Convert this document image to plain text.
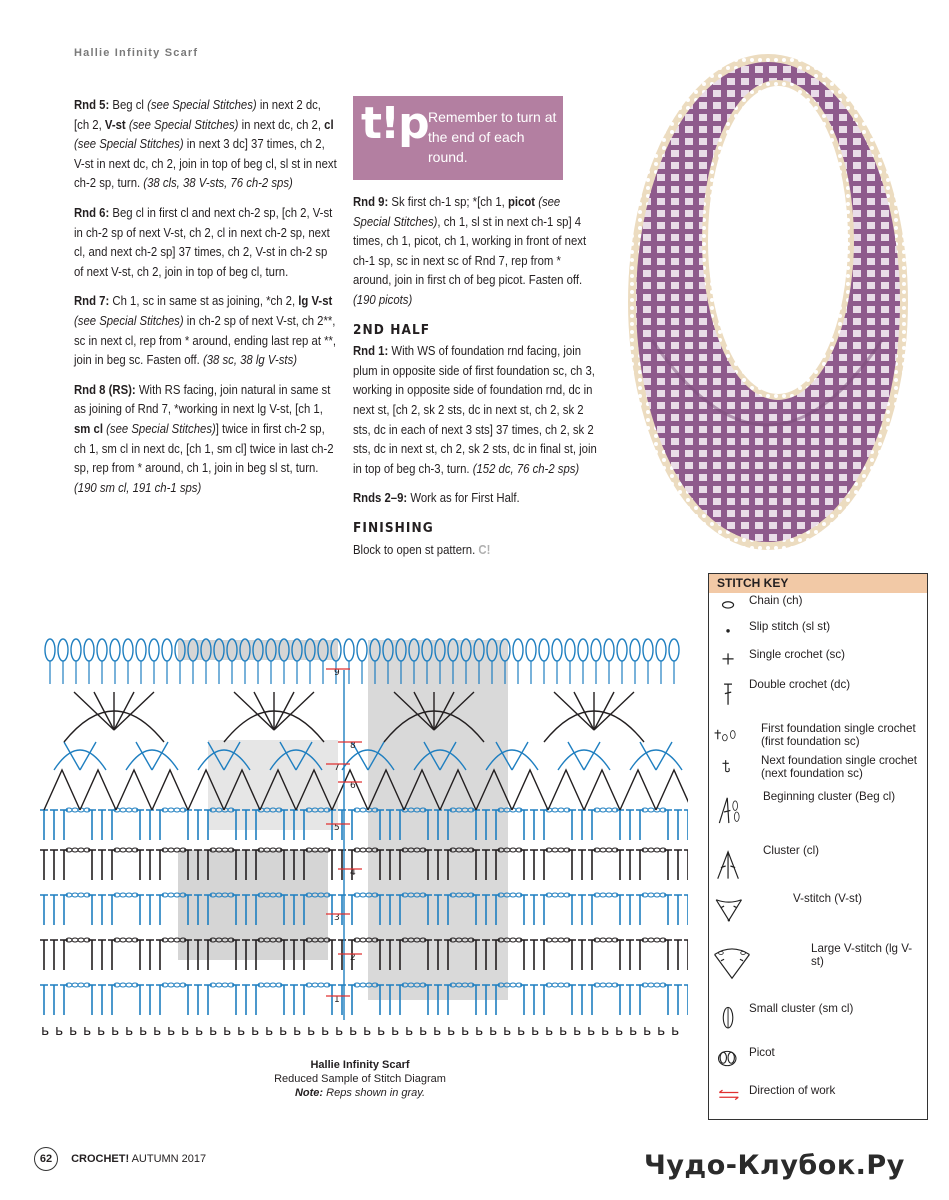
Hallie Infinity Scarf

Rnd 5: Beg cl (see Special Stitches) in next 2 dc, [ch 2, V-st (see Special Stitches) in next dc, ch 2, cl (see Special Stitches) in next 3 dc] 37 times, ch 2, V-st in next dc, ch 2, join in top of beg cl, sl st in next ch-2 sp, turn. (38 cls, 38 V-sts, 76 ch-2 sps)

Rnd 6: Beg cl in first cl and next ch-2 sp, [ch 2, V-st in ch-2 sp of next V-st, ch 2, cl in next ch-2 sp, next cl, and next ch-2 sp] 37 times, ch 2, V-st in ch-2 sp of next V-st, ch 2, join in top of beg cl, turn.

Rnd 7: Ch 1, sc in same st as joining, *ch 2, lg V-st (see Special Stitches) in ch-2 sp of next V-st, ch 2**, sc in next cl, rep from * around, ending last rep at **, join in beg sc. Fasten off. (38 sc, 38 lg V-sts)

Rnd 8 (RS): With RS facing, join natural in same st as joining of Rnd 7, *working in next lg V-st, [ch 1, sm cl (see Special Stitches)] twice in first ch-2 sp, ch 1, sm cl in next dc, [ch 1, sm cl] twice in last ch-2 sp, rep from * around, ch 1, join in beg sl st, turn. (190 sm cl, 191 ch-1 sps)

t!p Remember to turn at the end of each round.

Rnd 9: Sk first ch-1 sp; *[ch 1, picot (see Special Stitches), ch 1, sl st in next ch-1 sp] 4 times, ch 1, picot, ch 1, working in front of next ch-1 sp, sc in next sc of Rnd 7, rep from * around, join in first ch of beg picot. Fasten off. (190 picots)

2ND HALF

Rnd 1: With WS of foundation rnd facing, join plum in opposite side of first foundation sc, ch 3, working in opposite side of foundation rnd, dc in next st, [ch 2, sk 2 sts, dc in next st, ch 2, sk 2 sts, dc in each of next 3 sts] 37 times, ch 2, sk 2 sts, dc in next st, ch 2, sk 2 sts, dc in final st, join in top of beg ch-3, turn. (152 dc, 76 ch-2 sps)

Rnds 2–9: Work as for First Half.

FINISHING

Block to open st pattern. C!

ь ь ь ь ь ь ь ь ь ь ь ь ь ь ь ь ь ь ь ь ь ь ь ь ь ь ь ь ь ь ь ь ь ь ь ь ь ь ь ь ь ь ь ь ь ь
9
8
7
6
5
4
3
2
1
Hallie Infinity Scarf
Reduced Sample of Stitch Diagram
Note: Reps shown in gray.
STITCH KEY
Chain (ch)
Slip stitch (sl st)
Single crochet (sc)
Double crochet (dc)
First foundation single crochet (first foundation sc)
Next foundation single crochet (next foundation sc)
Beginning cluster (Beg cl)
Cluster (cl)
V-stitch (V-st)
Large V-stitch (lg V-st)
Small cluster (sm cl)
Picot
Direction of work
62 CROCHET! AUTUMN 2017	Чудо-Клубок.Ру
